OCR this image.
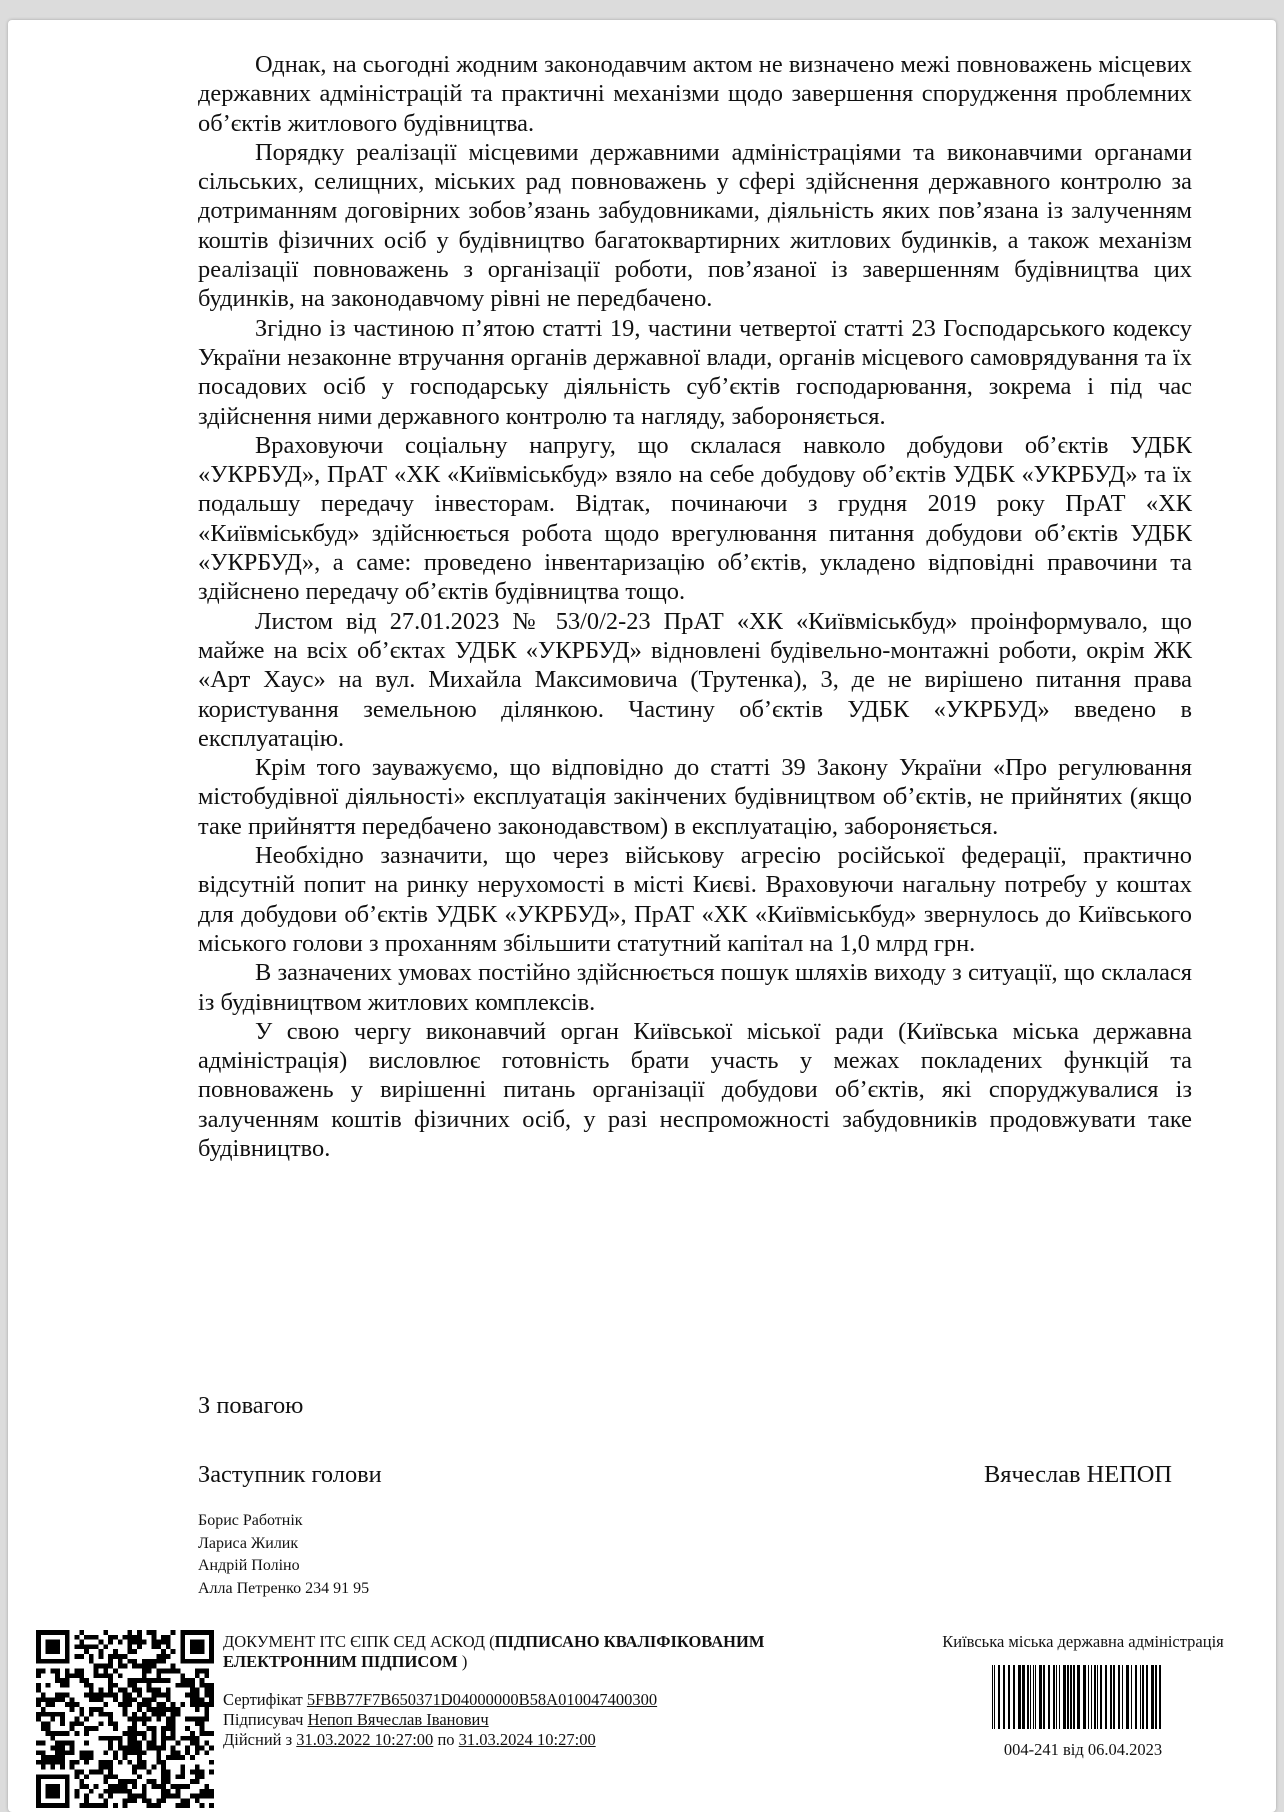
Однак, на сьогодні жодним законодавчим актом не визначено межі повноважень місцевих державних адміністрацій та практичні механізми щодо завершення спорудження проблемних об’єктів житлового будівництва.

Порядку реалізації місцевими державними адміністраціями та виконавчими органами сільських, селищних, міських рад повноважень у сфері здійснення державного контролю за дотриманням договірних зобов’язань забудовниками, діяльність яких пов’язана із залученням коштів фізичних осіб у будівництво багатоквартирних житлових будинків, а також механізм реалізації повноважень з організації роботи, пов’язаної із завершенням будівництва цих будинків, на законодавчому рівні не передбачено.

Згідно із частиною п’ятою статті 19, частини четвертої статті 23 Господарського кодексу України незаконне втручання органів державної влади, органів місцевого самоврядування та їх посадових осіб у господарську діяльність суб’єктів господарювання, зокрема і під час здійснення ними державного контролю та нагляду, забороняється.

Враховуючи соціальну напругу, що склалася навколо добудови об’єктів УДБК «УКРБУД», ПрАТ «ХК «Київміськбуд» взяло на себе добудову об’єктів УДБК «УКРБУД» та їх подальшу передачу інвесторам. Відтак, починаючи з грудня 2019 року ПрАТ «ХК «Київміськбуд» здійснюється робота щодо врегулювання питання добудови об’єктів УДБК «УКРБУД», а саме: проведено інвентаризацію об’єктів, укладено відповідні правочини та здійснено передачу об’єктів будівництва тощо.

Листом від 27.01.2023 № 53/0/2-23 ПрАТ «ХК «Київміськбуд» проінформувало, що майже на всіх об’єктах УДБК «УКРБУД» відновлені будівельно-монтажні роботи, окрім ЖК «Арт Хаус» на вул. Михайла Максимовича (Трутенка), 3, де не вирішено питання права користування земельною ділянкою. Частину об’єктів УДБК «УКРБУД» введено в експлуатацію.

Крім того зауважуємо, що відповідно до статті 39 Закону України «Про регулювання містобудівної діяльності» експлуатація закінчених будівництвом об’єктів, не прийнятих (якщо таке прийняття передбачено законодавством) в експлуатацію, забороняється.

Необхідно зазначити, що через військову агресію російської федерації, практично відсутній попит на ринку нерухомості в місті Києві. Враховуючи нагальну потребу у коштах для добудови об’єктів УДБК «УКРБУД», ПрАТ «ХК «Київміськбуд» звернулось до Київського міського голови з проханням збільшити статутний капітал на 1,0 млрд грн.

В зазначених умовах постійно здійснюється пошук шляхів виходу з ситуації, що склалася із будівництвом житлових комплексів.

У свою чергу виконавчий орган Київської міської ради (Київська міська державна адміністрація) висловлює готовність брати участь у межах покладених функцій та повноважень у вирішенні питань організації добудови об’єктів, які споруджувалися із залученням коштів фізичних осіб, у разі неспроможності забудовників продовжувати таке будівництво.

З повагою
Заступник голови	Вячеслав НЕПОП
Борис Работнік
Лариса Жилик
Андрій Поліно
Алла Петренко 234 91 95
ДОКУМЕНТ ІТС ЄІПК СЕД АСКОД (ПІДПИСАНО КВАЛІФІКОВАНИМ ЕЛЕКТРОННИМ ПІДПИСОМ )
Сертифікат 5FBB77F7B650371D04000000B58A010047400300
Підписувач Непоп Вячеслав Іванович
Дійсний з 31.03.2022 10:27:00 по 31.03.2024 10:27:00
Київська міська державна адміністрація
004-241 від 06.04.2023
